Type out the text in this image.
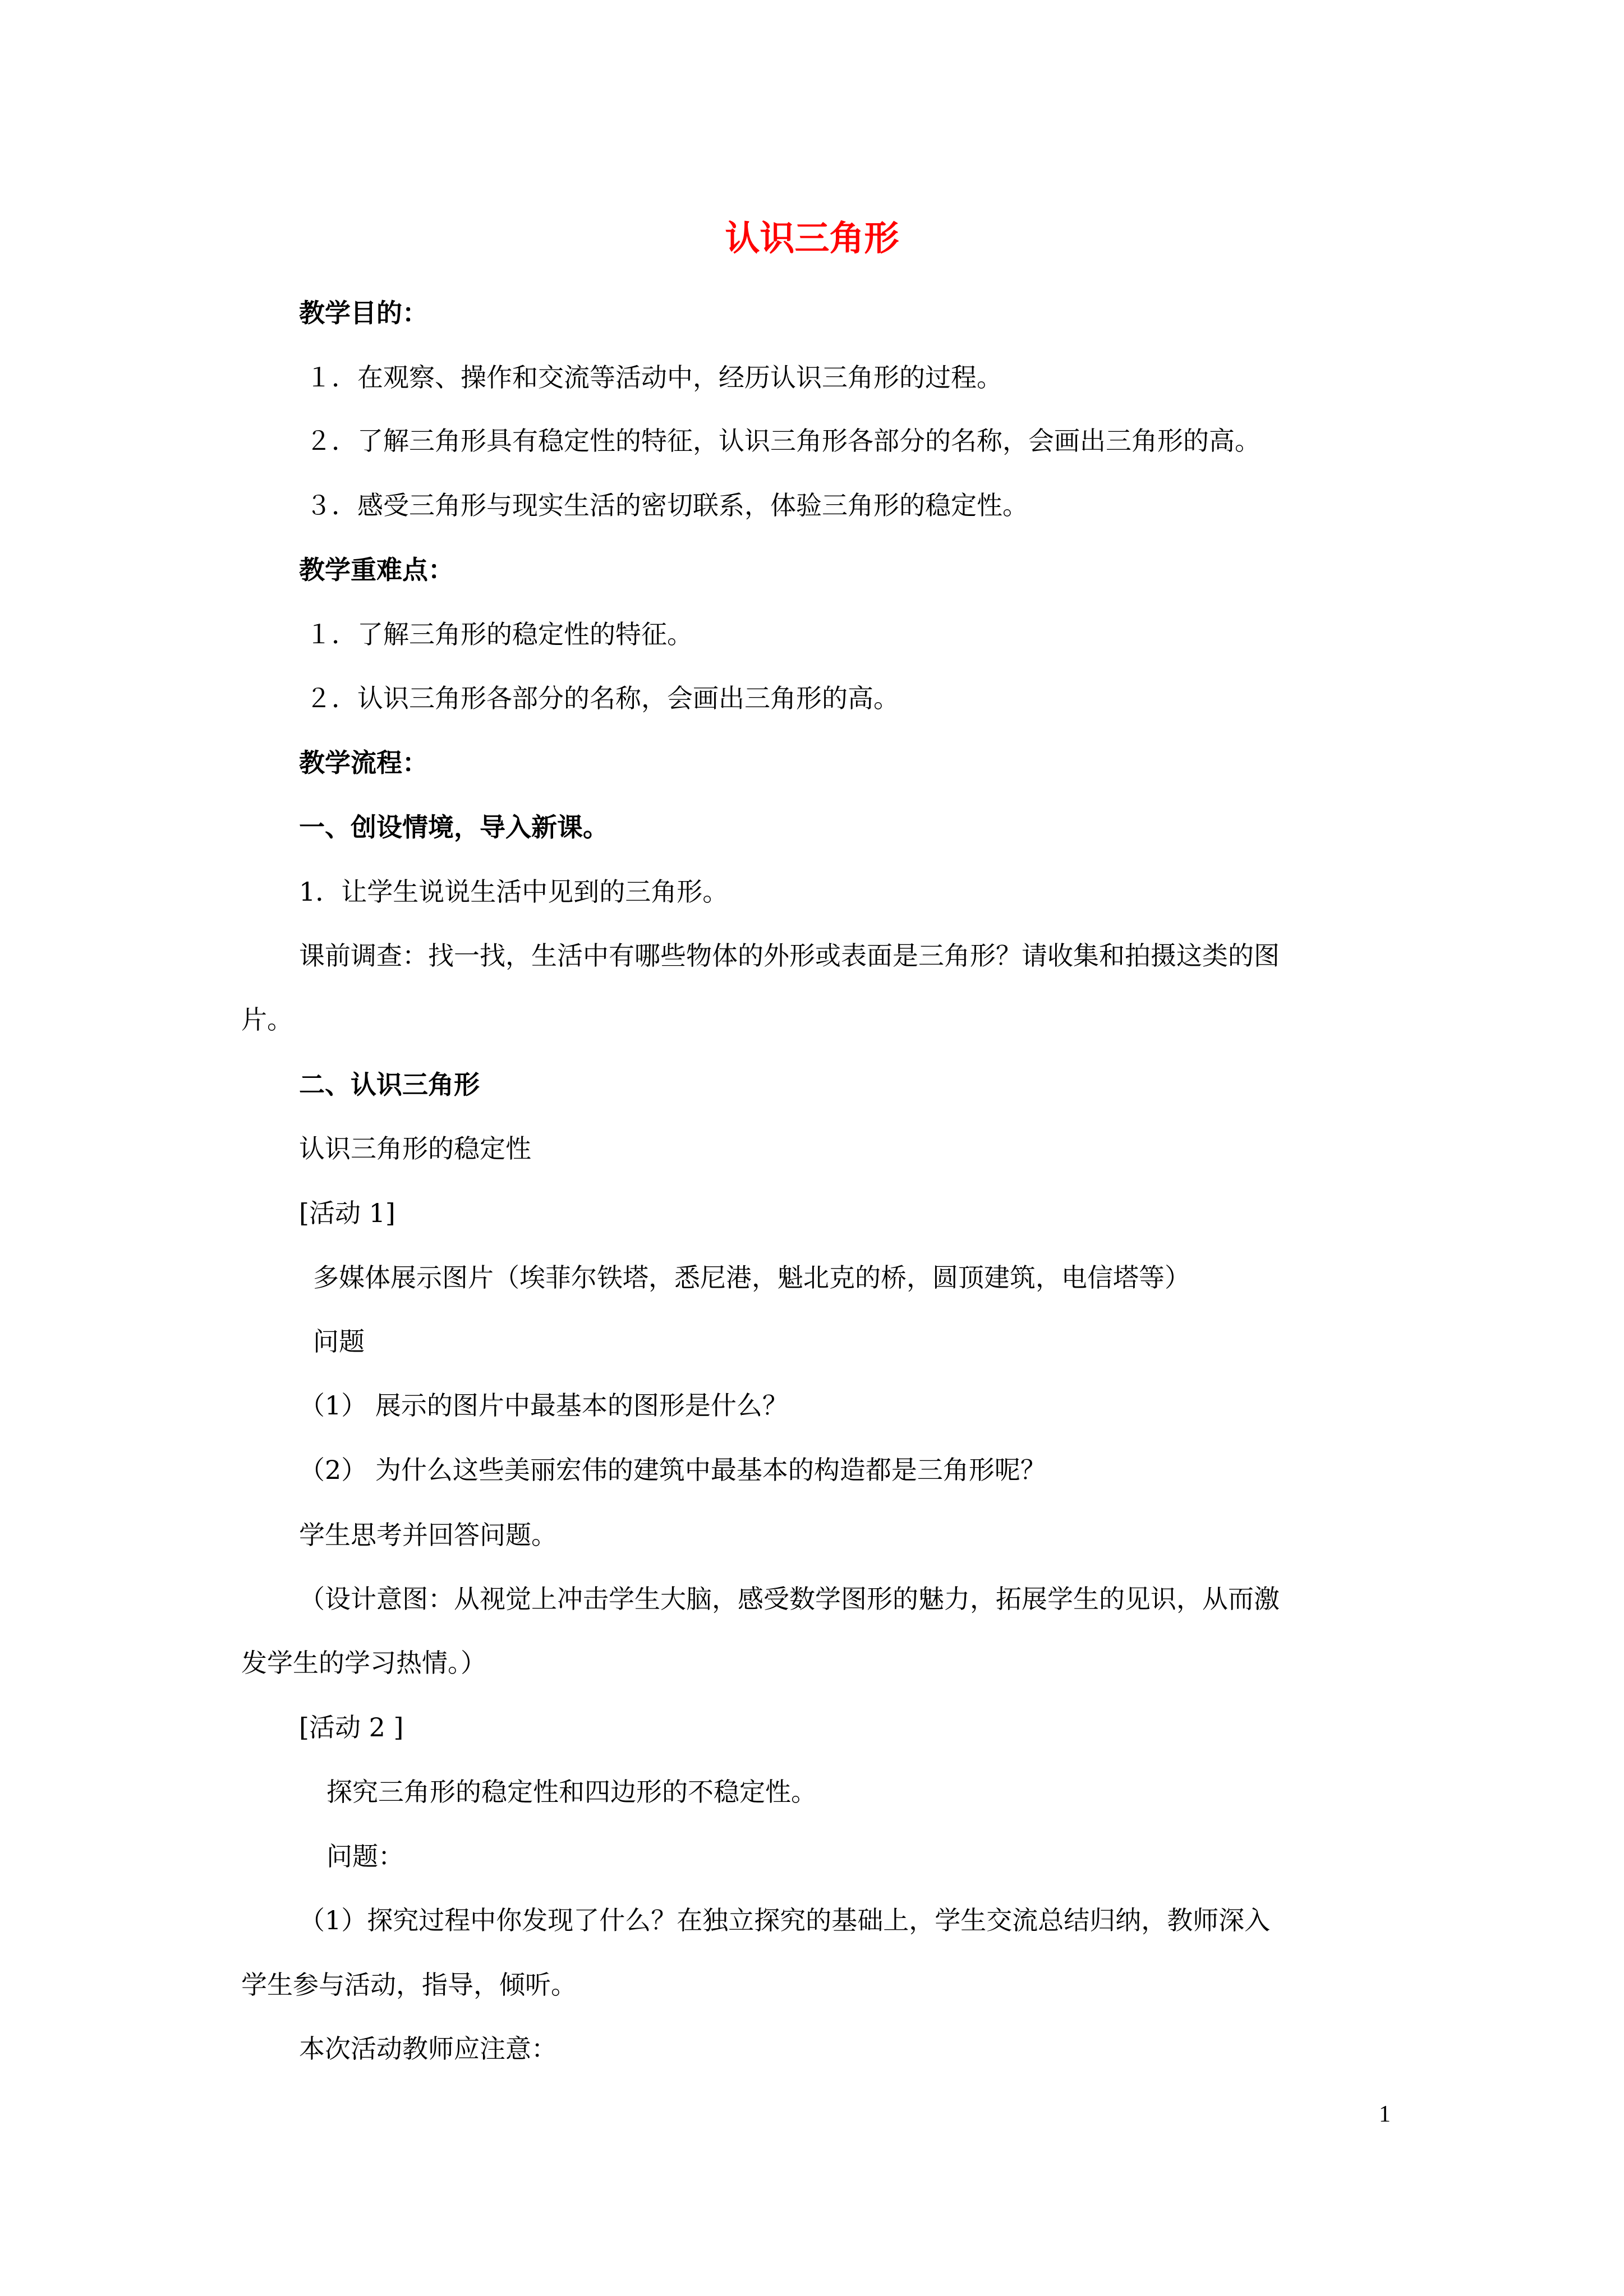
认识三角形
教学目的：
１．在观察、操作和交流等活动中，经历认识三角形的过程。
２．了解三角形具有稳定性的特征，认识三角形各部分的名称，会画出三角形的高。
３．感受三角形与现实生活的密切联系，体验三角形的稳定性。
教学重难点：
１．了解三角形的稳定性的特征。
２．认识三角形各部分的名称，会画出三角形的高。
教学流程：
一、创设情境，导入新课。
1．让学生说说生活中见到的三角形。
课前调查：找一找，生活中有哪些物体的外形或表面是三角形？请收集和拍摄这类的图
片。
二、认识三角形
认识三角形的稳定性
[活动 1]
多媒体展示图片（埃菲尔铁塔，悉尼港，魁北克的桥，圆顶建筑，电信塔等）
问题
（1） 展示的图片中最基本的图形是什么？
（2） 为什么这些美丽宏伟的建筑中最基本的构造都是三角形呢？
学生思考并回答问题。
（设计意图：从视觉上冲击学生大脑，感受数学图形的魅力，拓展学生的见识，从而激
发学生的学习热情。）
[活动 2 ]
探究三角形的稳定性和四边形的不稳定性。
问题：
（1）探究过程中你发现了什么？在独立探究的基础上，学生交流总结归纳，教师深入
学生参与活动，指导，倾听。
本次活动教师应注意：
1
